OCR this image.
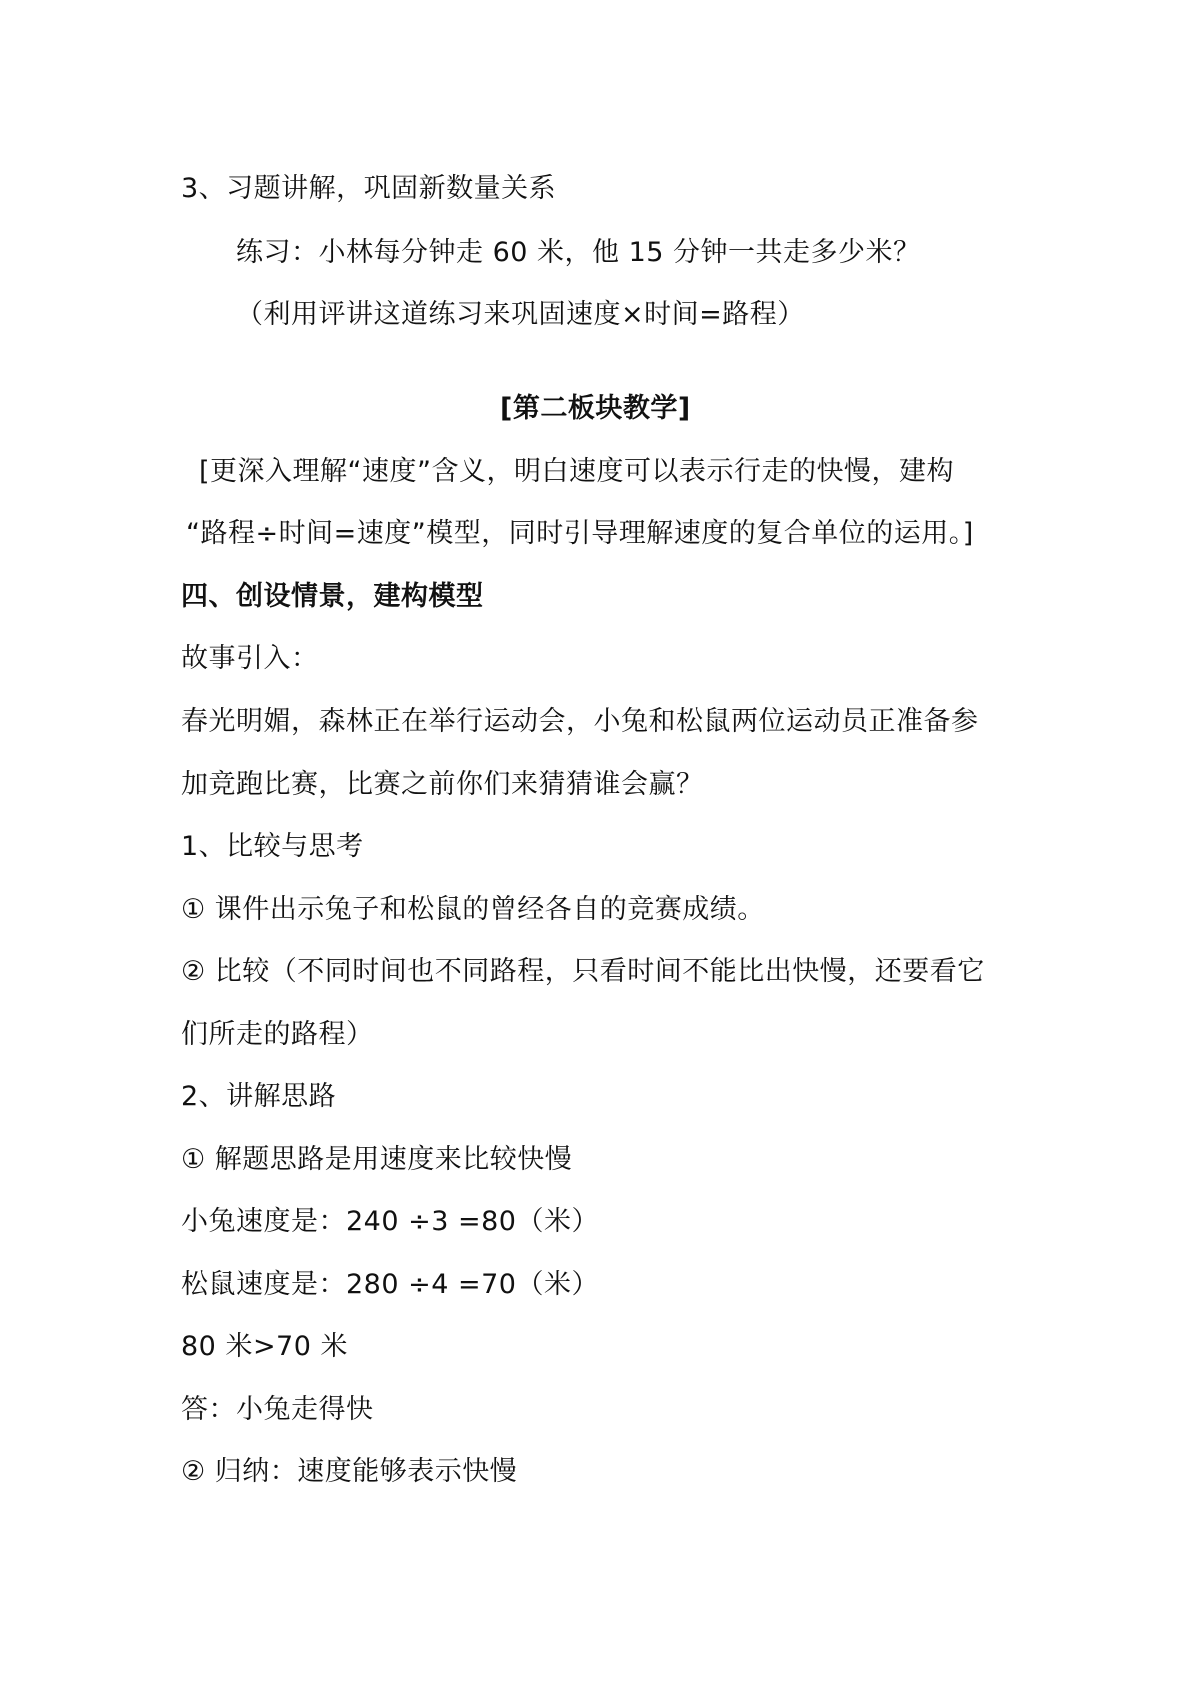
3、习题讲解，巩固新数量关系
练习：小林每分钟走 60 米，他 15 分钟一共走多少米？
（利用评讲这道练习来巩固速度×时间=路程）
[第二板块教学]
[更深入理解“速度”含义，明白速度可以表示行走的快慢，建构
“路程÷时间=速度”模型，同时引导理解速度的复合单位的运用。]
四、创设情景，建构模型
故事引入：
春光明媚，森林正在举行运动会，小兔和松鼠两位运动员正准备参
加竞跑比赛，比赛之前你们来猜猜谁会赢？
1、比较与思考
① 课件出示兔子和松鼠的曾经各自的竞赛成绩。
② 比较（不同时间也不同路程，只看时间不能比出快慢，还要看它
们所走的路程）
2、讲解思路
① 解题思路是用速度来比较快慢
小兔速度是：240 ÷3 =80（米）
松鼠速度是：280 ÷4 =70（米）
80 米>70 米
答：小兔走得快
② 归纳：速度能够表示快慢
